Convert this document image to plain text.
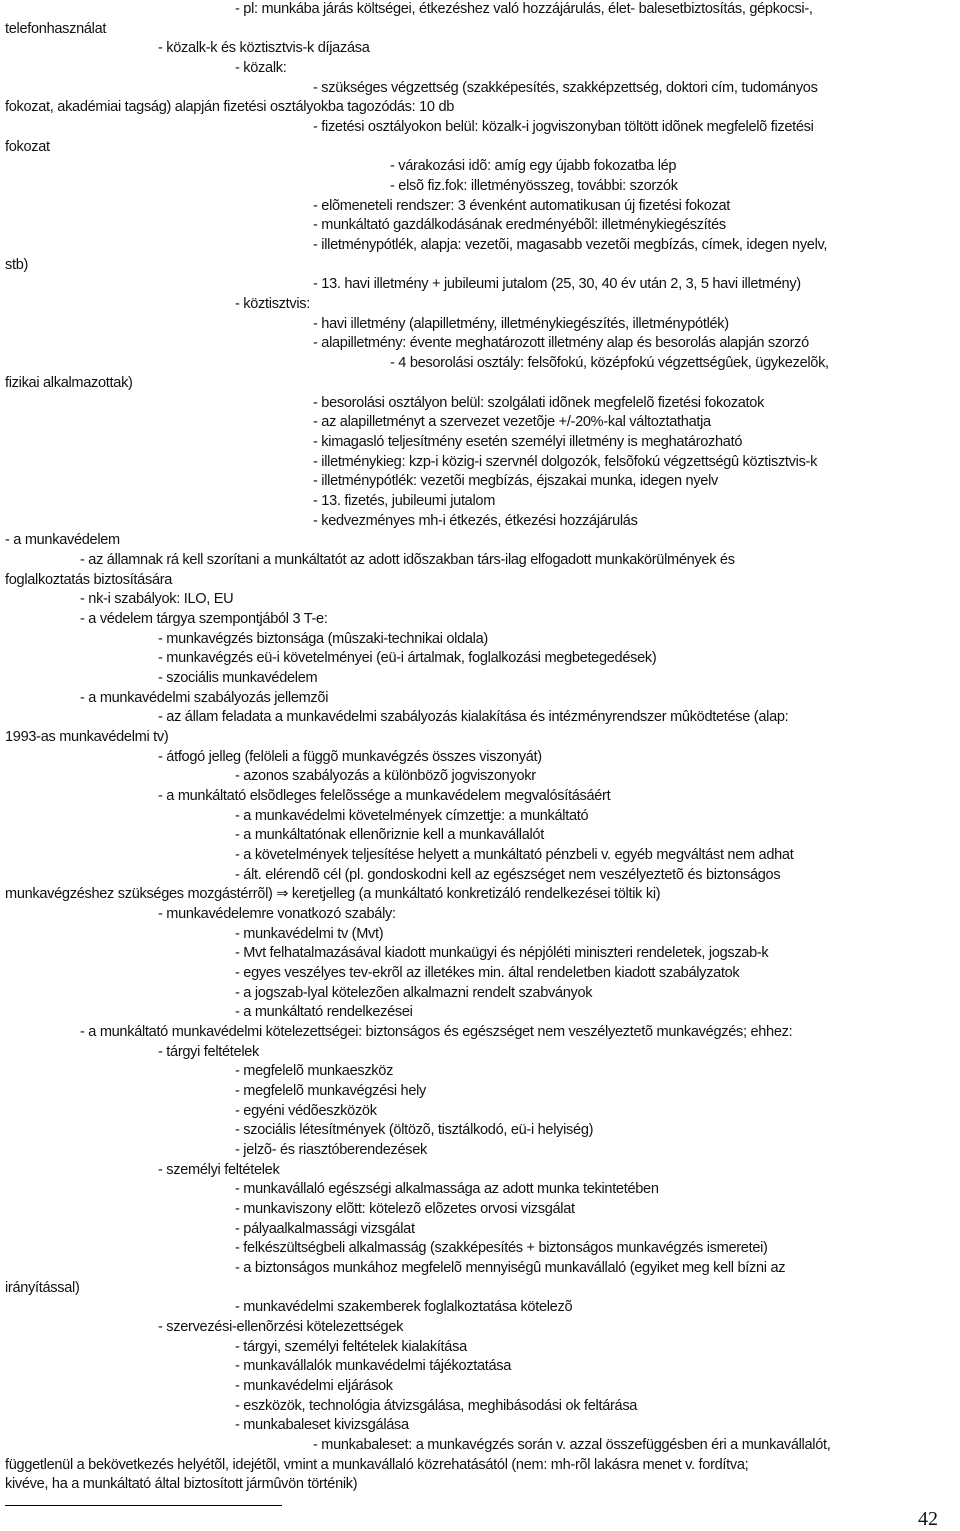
- pl: munkába járás költségei, étkezéshez való hozzájárulás, élet- balesetbiztosítás, gépkocsi-,
telefonhasználat
- közalk-k és köztisztvis-k díjazása
- közalk:
- szükséges végzettség (szakképesítés, szakképzettség, doktori cím, tudományos
fokozat, akadémiai tagság) alapján fizetési osztályokba tagozódás: 10 db
- fizetési osztályokon belül: közalk-i jogviszonyban töltött idõnek megfelelõ fizetési
fokozat
- várakozási idõ: amíg egy újabb fokozatba lép
- elsõ fiz.fok: illetményösszeg, további: szorzók
- elõmeneteli rendszer: 3 évenként automatikusan új fizetési fokozat
- munkáltató gazdálkodásának eredményébõl: illetménykiegészítés
- illetménypótlék, alapja: vezetõi, magasabb vezetõi megbízás, címek, idegen nyelv,
stb)
- 13. havi illetmény + jubileumi jutalom (25, 30, 40 év után 2, 3, 5 havi illetmény)
- köztisztvis:
- havi illetmény (alapilletmény, illetménykiegészítés, illetménypótlék)
- alapilletmény: évente meghatározott illetmény alap és besorolás alapján szorzó
- 4 besorolási osztály: felsõfokú, középfokú végzettségûek, ügykezelõk,
fizikai alkalmazottak)
- besorolási osztályon belül: szolgálati idõnek megfelelõ fizetési fokozatok
- az alapilletményt a szervezet vezetõje +/-20%-kal változtathatja
- kimagasló teljesítmény esetén személyi illetmény is meghatározható
- illetménykieg: kzp-i közig-i szervnél dolgozók, felsõfokú végzettségû köztisztvis-k
- illetménypótlék: vezetõi megbízás, éjszakai munka, idegen nyelv
- 13. fizetés, jubileumi jutalom
- kedvezményes mh-i étkezés, étkezési hozzájárulás
- a munkavédelem
- az államnak rá kell szorítani a munkáltatót az adott idõszakban társ-ilag elfogadott munkakörülmények és
foglalkoztatás biztosítására
- nk-i szabályok: ILO, EU
- a védelem tárgya szempontjából 3 T-e:
- munkavégzés biztonsága (mûszaki-technikai oldala)
- munkavégzés eü-i követelményei (eü-i ártalmak, foglalkozási megbetegedések)
- szociális munkavédelem
- a munkavédelmi szabályozás jellemzõi
- az állam feladata a munkavédelmi szabályozás kialakítása és intézményrendszer mûködtetése (alap:
1993-as munkavédelmi tv)
- átfogó jelleg (felöleli a függõ munkavégzés összes viszonyát)
- azonos szabályozás a különbözõ jogviszonyokr
- a munkáltató elsõdleges felelõssége a munkavédelem megvalósításáért
- a munkavédelmi követelmények címzettje: a munkáltató
- a munkáltatónak ellenõriznie kell a munkavállalót
- a követelmények teljesítése helyett a munkáltató pénzbeli v. egyéb megváltást nem adhat
- ált. elérendõ cél (pl. gondoskodni kell az egészséget nem veszélyeztetõ és biztonságos
munkavégzéshez szükséges mozgástérrõl) ⇒ keretjelleg (a munkáltató konkretizáló rendelkezései töltik ki)
- munkavédelemre vonatkozó szabály:
- munkavédelmi tv (Mvt)
- Mvt felhatalmazásával kiadott munkaügyi és népjóléti miniszteri rendeletek, jogszab-k
- egyes veszélyes tev-ekrõl az illetékes min. által rendeletben kiadott szabályzatok
- a jogszab-lyal kötelezõen alkalmazni rendelt szabványok
- a munkáltató rendelkezései
- a munkáltató munkavédelmi kötelezettségei: biztonságos és egészséget nem veszélyeztetõ munkavégzés; ehhez:
- tárgyi feltételek
- megfelelõ munkaeszköz
- megfelelõ munkavégzési hely
- egyéni védõeszközök
- szociális létesítmények (öltözõ, tisztálkodó, eü-i helyiség)
- jelzõ- és riasztóberendezések
- személyi feltételek
- munkavállaló egészségi alkalmassága az adott munka tekintetében
- munkaviszony elõtt: kötelezõ elõzetes orvosi vizsgálat
- pályaalkalmassági vizsgálat
- felkészültségbeli alkalmasság (szakképesítés + biztonságos munkavégzés ismeretei)
- a biztonságos munkához megfelelõ mennyiségû munkavállaló (egyiket meg kell bízni az
irányítással)
- munkavédelmi szakemberek foglalkoztatása kötelezõ
- szervezési-ellenõrzési kötelezettségek
- tárgyi, személyi feltételek kialakítása
- munkavállalók munkavédelmi tájékoztatása
- munkavédelmi eljárások
- eszközök, technológia átvizsgálása, meghibásodási ok feltárása
- munkabaleset kivizsgálása
- munkabaleset: a munkavégzés során v. azzal összefüggésben éri a munkavállalót,
függetlenül a bekövetkezés helyétõl, idejétõl, vmint a munkavállaló közrehatásától (nem: mh-rõl lakásra menet v. fordítva;
kivéve, ha a munkáltató által biztosított jármûvön történik)
42
